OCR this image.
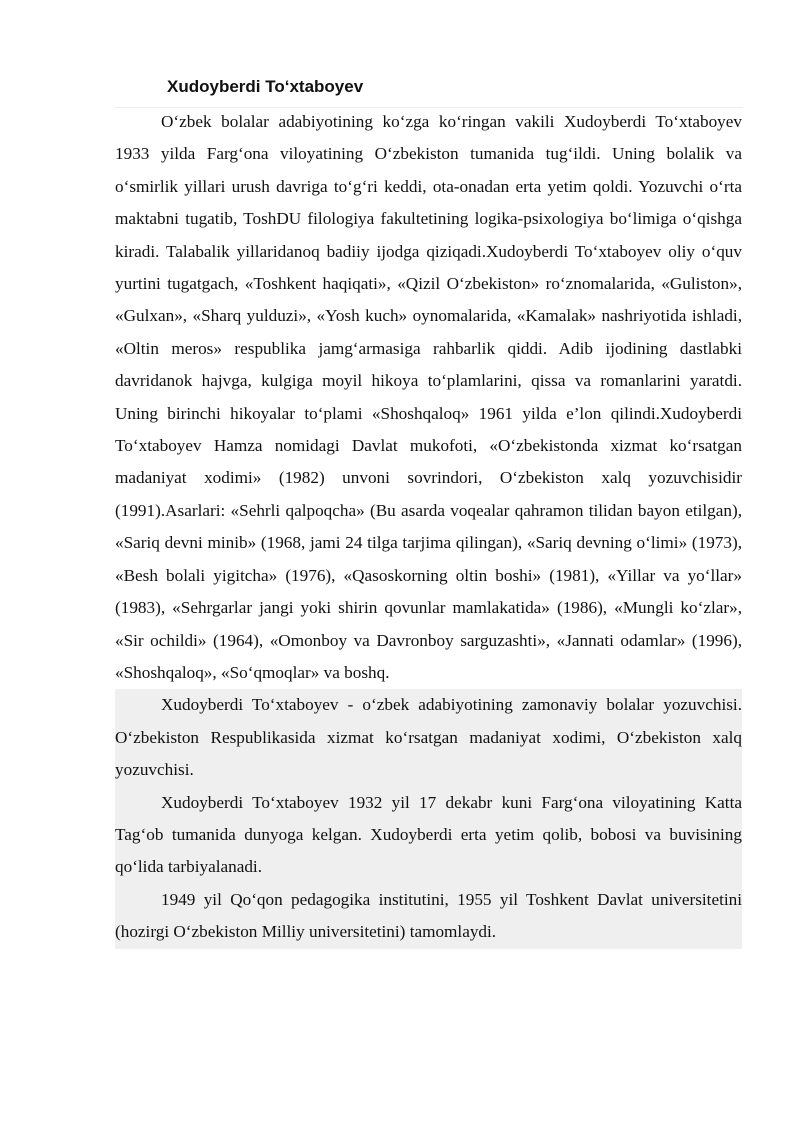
Xudoyberdi To‘xtaboyev

O‘zbek bolalar adabiyotining ko‘zga ko‘ringan vakili Xudoyberdi To‘xtaboyev 1933 yilda Farg‘ona viloyatining O‘zbekiston tumanida tug‘ildi. Uning bolalik va o‘smirlik yillari urush davriga to‘g‘ri keddi, ota-onadan erta yetim qoldi. Yozuvchi o‘rta maktabni tugatib, ToshDU filologiya fakultetining logika-psixologiya bo‘limiga o‘qishga kiradi. Talabalik yillaridanoq badiiy ijodga qiziqadi.Xudoyberdi To‘xtaboyev oliy o‘quv yurtini tugatgach, «Toshkent haqiqati», «Qizil O‘zbekiston» ro‘znomalarida, «Guliston», «Gulxan», «Sharq yulduzi», «Yosh kuch» oynomalarida, «Kamalak» nashriyotida ishladi, «Oltin meros» respublika jamg‘armasiga rahbarlik qiddi. Adib ijodining dastlabki davridanok hajvga, kulgiga moyil hikoya to‘plamlarini, qissa va romanlarini yaratdi. Uning birinchi hikoyalar to‘plami «Shoshqaloq» 1961 yilda e’lon qilindi.Xudoyberdi To‘xtaboyev Hamza nomidagi Davlat mukofoti, «O‘zbekistonda xizmat ko‘rsatgan madaniyat xodimi» (1982) unvoni sovrindori, O‘zbekiston xalq yozuvchisidir (1991).Asarlari: «Sehrli qalpoqcha» (Bu asarda voqealar qahramon tilidan bayon etilgan), «Sariq devni minib» (1968, jami 24 tilga tarjima qilingan), «Sariq devning o‘limi» (1973), «Besh bolali yigitcha» (1976), «Qasoskorning oltin boshi» (1981), «Yillar va yo‘llar» (1983), «Sehrgarlar jangi yoki shirin qovunlar mamlakatida» (1986), «Mungli ko‘zlar», «Sir ochildi» (1964), «Omonboy va Davronboy sarguzashti», «Jannati odamlar» (1996), «Shoshqaloq», «So‘qmoqlar» va boshq.

Xudoyberdi To‘xtaboyev - o‘zbek adabiyotining zamonaviy bolalar yozuvchisi. O‘zbekiston Respublikasida xizmat ko‘rsatgan madaniyat xodimi, O‘zbekiston xalq yozuvchisi.

Xudoyberdi To‘xtaboyev 1932 yil 17 dekabr kuni Farg‘ona viloyatining Katta Tag‘ob tumanida dunyoga kelgan. Xudoyberdi erta yetim qolib, bobosi va buvisining qo‘lida tarbiyalanadi.

1949 yil Qo‘qon pedagogika institutini, 1955 yil Toshkent Davlat universitetini (hozirgi O‘zbekiston Milliy universitetini) tamomlaydi.
